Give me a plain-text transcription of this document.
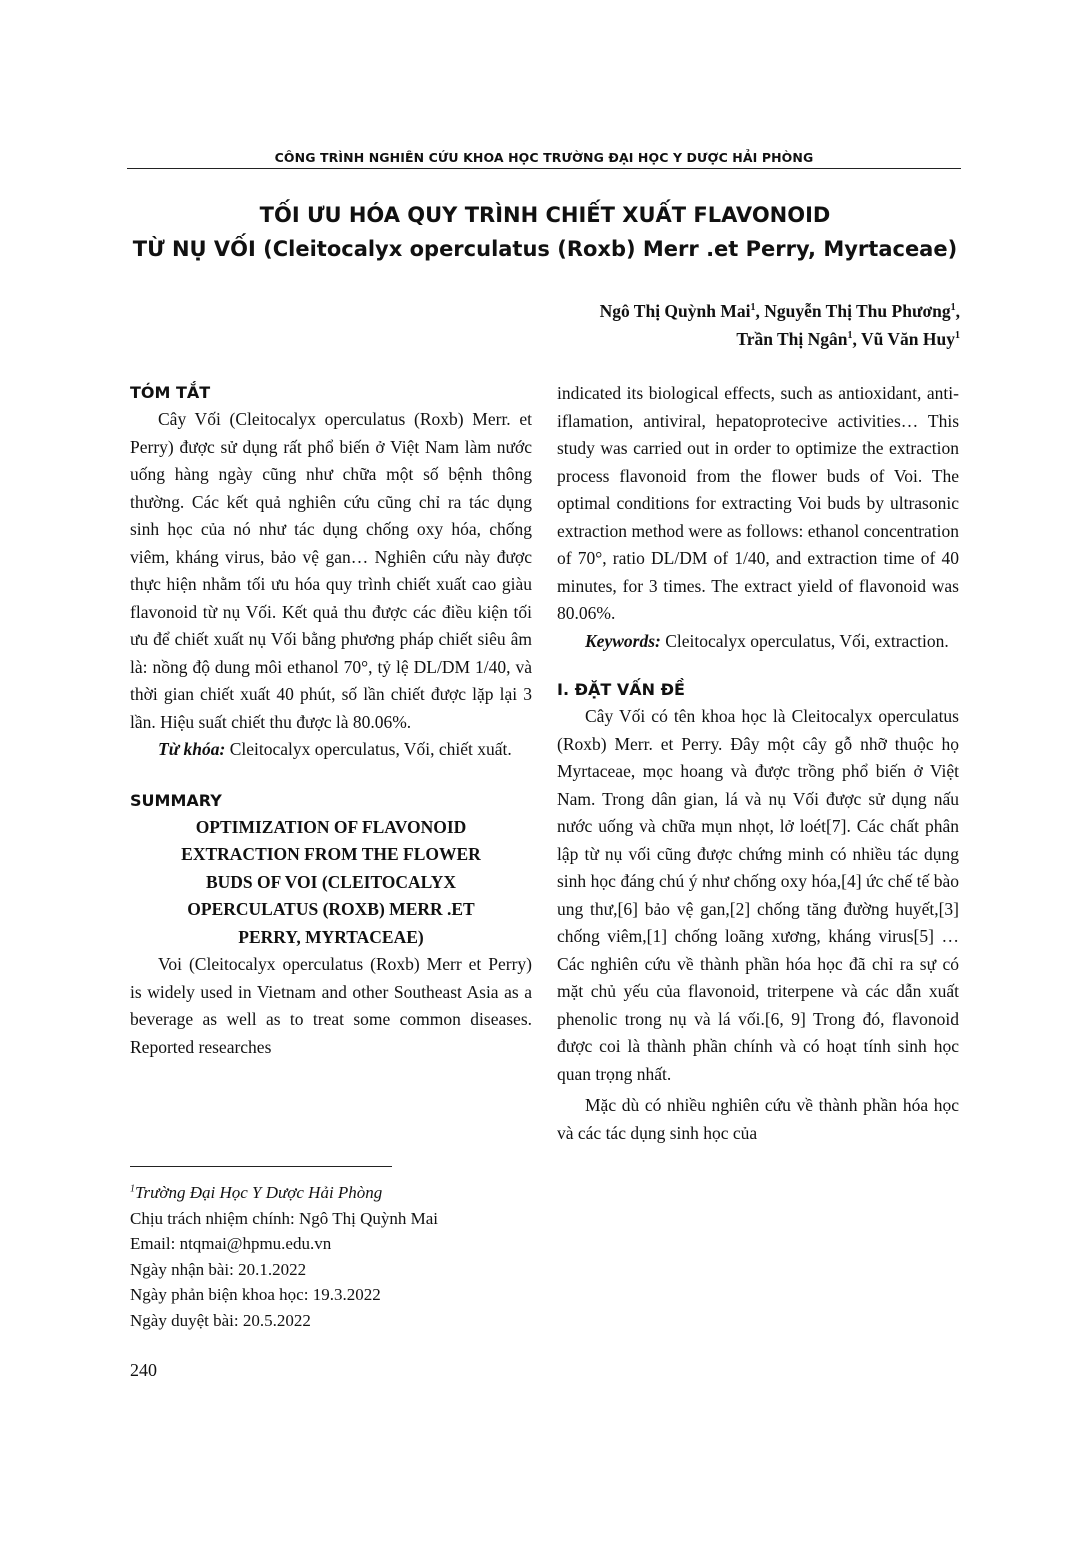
CÔNG TRÌNH NGHIÊN CỨU KHOA HỌC TRƯỜNG ĐẠI HỌC Y DƯỢC HẢI PHÒNG
TỐI ƯU HÓA QUY TRÌNH CHIẾT XUẤT FLAVONOID
TỪ NỤ VỐI (Cleitocalyx operculatus (Roxb) Merr .et Perry, Myrtaceae)
Ngô Thị Quỳnh Mai$^1$, Nguyễn Thị Thu Phương$^1$,
Trần Thị Ngân$^1$, Vũ Văn Huy$^1$
TÓM TẮT

Cây Vối (Cleitocalyx operculatus (Roxb) Merr. et Perry) được sử dụng rất phổ biến ở Việt Nam làm nước uống hàng ngày cũng như chữa một số bệnh thông thường. Các kết quả nghiên cứu cũng chỉ ra tác dụng sinh học của nó như tác dụng chống oxy hóa, chống viêm, kháng virus, bảo vệ gan… Nghiên cứu này được thực hiện nhằm tối ưu hóa quy trình chiết xuất cao giàu flavonoid từ nụ Vối. Kết quả thu được các điều kiện tối ưu để chiết xuất nụ Vối bằng phương pháp chiết siêu âm là: nồng độ dung môi ethanol 70°, tỷ lệ DL/DM 1/40, và thời gian chiết xuất 40 phút, số lần chiết được lặp lại 3 lần. Hiệu suất chiết thu được là 80.06%.

Từ khóa: Cleitocalyx operculatus, Vối, chiết xuất.

SUMMARY
OPTIMIZATION OF FLAVONOID
EXTRACTION FROM THE FLOWER
BUDS OF VOI (CLEITOCALYX
OPERCULATUS (ROXB) MERR .ET
PERRY, MYRTACEAE)

Voi (Cleitocalyx operculatus (Roxb) Merr et Perry) is widely used in Vietnam and other Southeast Asia as a beverage as well as to treat some common diseases. Reported researches

$^1$Trường Đại Học Y Dược Hải Phòng
Chịu trách nhiệm chính: Ngô Thị Quỳnh Mai
Email: ntqmai@hpmu.edu.vn
Ngày nhận bài: 20.1.2022
Ngày phản biện khoa học: 19.3.2022
Ngày duyệt bài: 20.5.2022

indicated its biological effects, such as antioxidant, anti-iflamation, antiviral, hepatoprotecive activities… This study was carried out in order to optimize the extraction process flavonoid from the flower buds of Voi. The optimal conditions for extracting Voi buds by ultrasonic extraction method were as follows: ethanol concentration of 70°, ratio DL/DM of 1/40, and extraction time of 40 minutes, for 3 times. The extract yield of flavonoid was 80.06%.

Keywords: Cleitocalyx operculatus, Vối, extraction.

I. ĐẶT VẤN ĐỀ

Cây Vối có tên khoa học là Cleitocalyx operculatus (Roxb) Merr. et Perry. Đây một cây gỗ nhỡ thuộc họ Myrtaceae, mọc hoang và được trồng phổ biến ở Việt Nam. Trong dân gian, lá và nụ Vối được sử dụng nấu nước uống và chữa mụn nhọt, lở loét[7]. Các chất phân lập từ nụ vối cũng được chứng minh có nhiều tác dụng sinh học đáng chú ý như chống oxy hóa,[4] ức chế tế bào ung thư,[6] bảo vệ gan,[2] chống tăng đường huyết,[3] chống viêm,[1] chống loãng xương, kháng virus[5] … Các nghiên cứu về thành phần hóa học đã chỉ ra sự có mặt chủ yếu của flavonoid, triterpene và các dẫn xuất phenolic trong nụ và lá vối.[6, 9] Trong đó, flavonoid được coi là thành phần chính và có hoạt tính sinh học quan trọng nhất.

Mặc dù có nhiều nghiên cứu về thành phần hóa học và các tác dụng sinh học của

240
